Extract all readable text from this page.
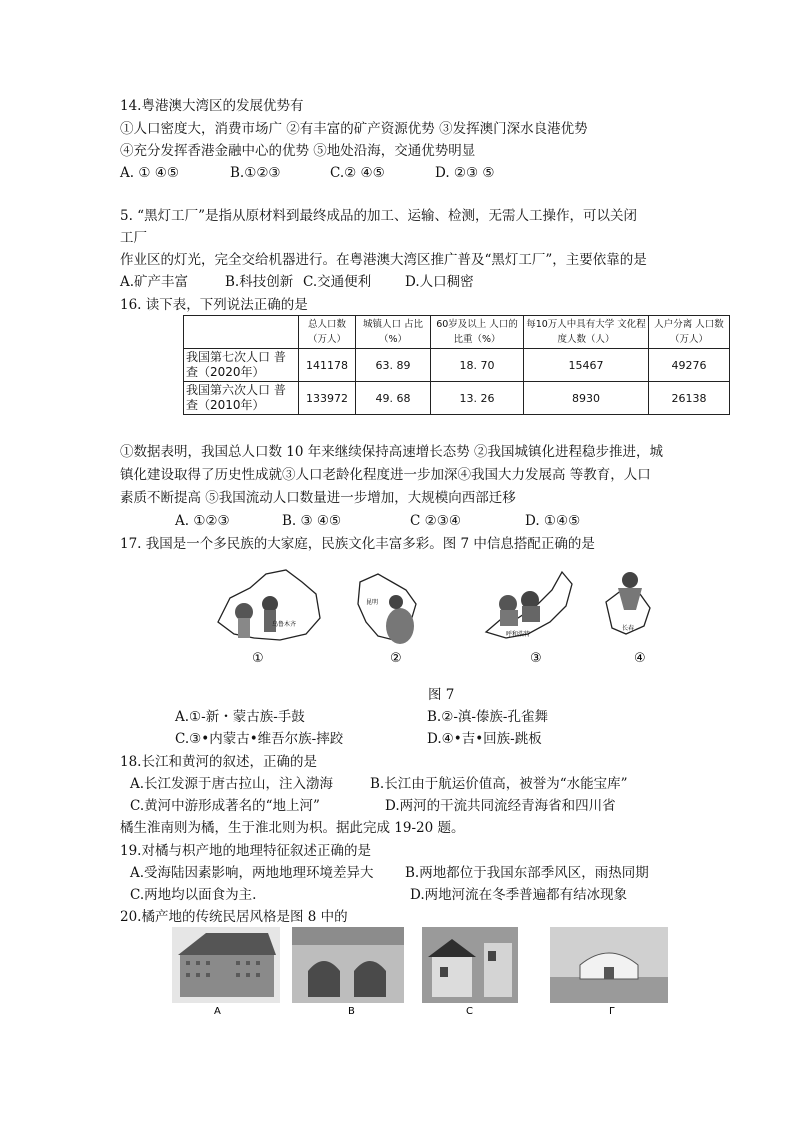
14.粤港澳大湾区的发展优势有
①人口密度大，消费市场广 ②有丰富的矿产资源优势 ③发挥澳门深水良港优势
④充分发挥香港金融中心的优势 ⑤地处沿海，交通优势明显
A. ① ④⑤	B.①②③	C.② ④⑤	D. ②③ ⑤
5. “黑灯工厂”是指从原材料到最终成品的加工、运输、检测，无需人工操作，可以关闭
工厂
作业区的灯光，完全交给机器进行。在粤港澳大湾区推广普及“黑灯工厂”，主要依靠的是
A.矿产丰富	B.科技创新 C.交通便利	D.人口稠密
16. 读下表，下列说法正确的是
	总人口数（万人）	城镇人口 占比（%）	60岁及以上 人口的比重（%）	每10万人中具有大学 文化程度人数（人）	人户分离 人口数（万人）
我国第七次人口 普查（2020年）	141178	63. 89	18. 70	15467	49276
我国第六次人口 普查（2010年）	133972	49. 68	13. 26	8930	26138
①数据表明，我国总人口数 10 年来继续保持高速增长态势 ②我国城镇化进程稳步推进，城
镇化建设取得了历史性成就③人口老龄化程度进一步加深④我国大力发展高 等教育，人口
素质不断提高 ⑤我国流动人口数量进一步增加，大规模向西部迁移
A. ①②③	B. ③ ④⑤	C ②③④	D. ①④⑤
17. 我国是一个多民族的大家庭，民族文化丰富多彩。图 7 中信息搭配正确的是
乌鲁木齐
①
昆明
②
呼和浩特
③
长春
④
图 7
A.①-新・蒙古族-手鼓	B.②-滇-傣族-孔雀舞
C.③•内蒙古•维吾尔族-摔跤	D.④•吉•回族-跳板
18.长江和黄河的叙述，正确的是
A.长江发源于唐古拉山，注入渤海	B.长江由于航运价值高，被誉为“水能宝库”
C.黄河中游形成著名的“地上河”	D.两河的干流共同流经青海省和四川省
橘生淮南则为橘，生于淮北则为枳。据此完成 19-20 题。
19.对橘与枳产地的地理特征叙述正确的是
A.受海陆因素影响，两地地理环境差异大 B.两地都位于我国东部季风区，雨热同期
C.两地均以面食为主.	D.两地河流在冬季普遍都有结冰现象
20.橘产地的传统民居风格是图 8 中的
A	B	C	Γ
